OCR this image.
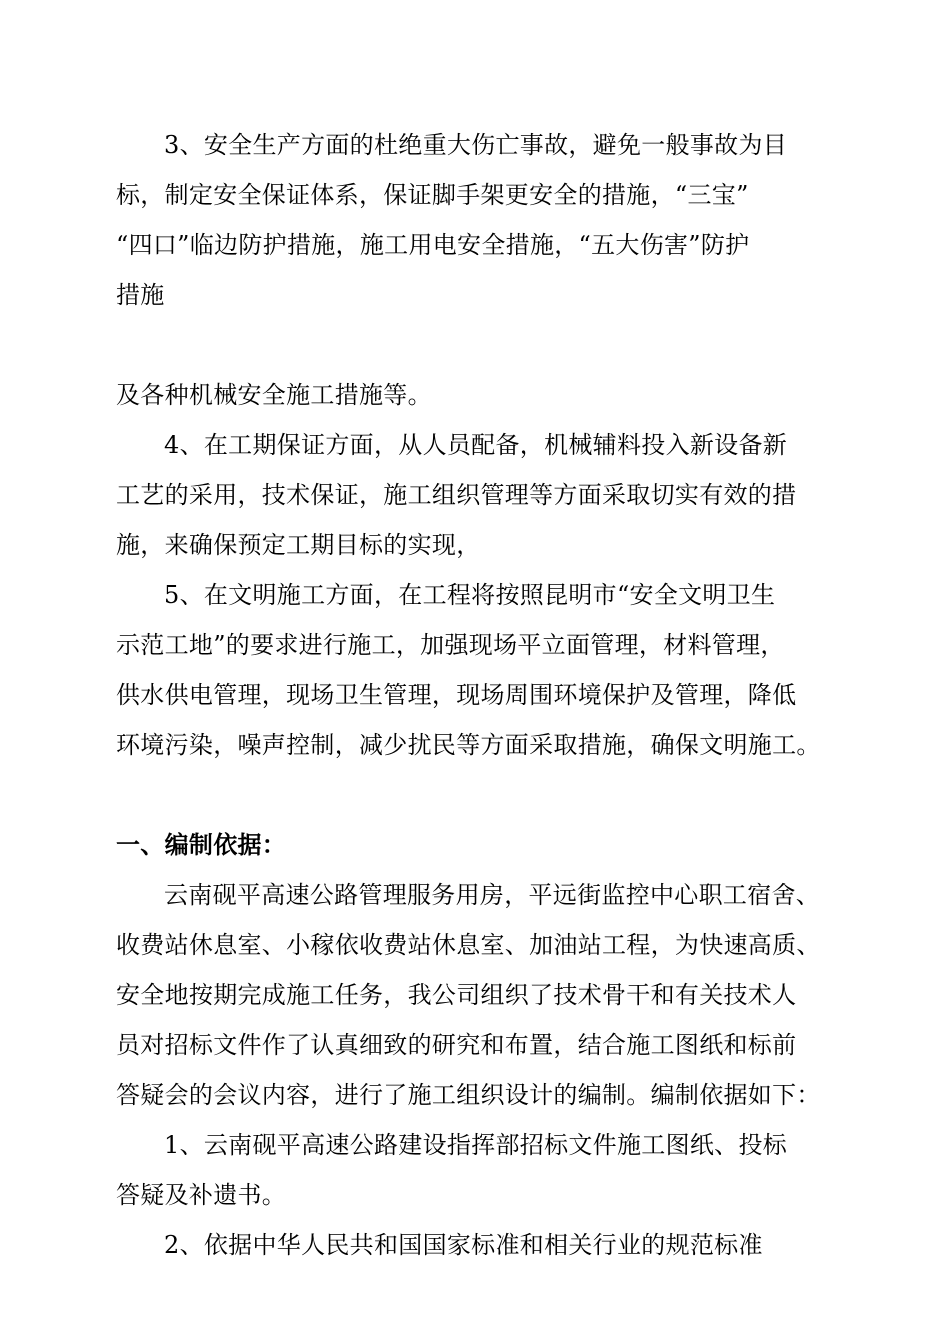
3、安全生产方面的杜绝重大伤亡事故，避免一般事故为目
标，制定安全保证体系，保证脚手架更安全的措施，“三宝”
“四口”临边防护措施，施工用电安全措施，“五大伤害”防护
措施
及各种机械安全施工措施等。
4、在工期保证方面，从人员配备，机械辅料投入新设备新
工艺的采用，技术保证，施工组织管理等方面采取切实有效的措
施，来确保预定工期目标的实现，
5、在文明施工方面，在工程将按照昆明市“安全文明卫生
示范工地”的要求进行施工，加强现场平立面管理，材料管理，
供水供电管理，现场卫生管理，现场周围环境保护及管理，降低
环境污染，噪声控制，减少扰民等方面采取措施，确保文明施工。
一、编制依据：
云南砚平高速公路管理服务用房，平远街监控中心职工宿舍、
收费站休息室、小稼依收费站休息室、加油站工程，为快速高质、
安全地按期完成施工任务，我公司组织了技术骨干和有关技术人
员对招标文件作了认真细致的研究和布置，结合施工图纸和标前
答疑会的会议内容，进行了施工组织设计的编制。编制依据如下：
1、云南砚平高速公路建设指挥部招标文件施工图纸、投标
答疑及补遗书。
2、依据中华人民共和国国家标准和相关行业的规范标准
